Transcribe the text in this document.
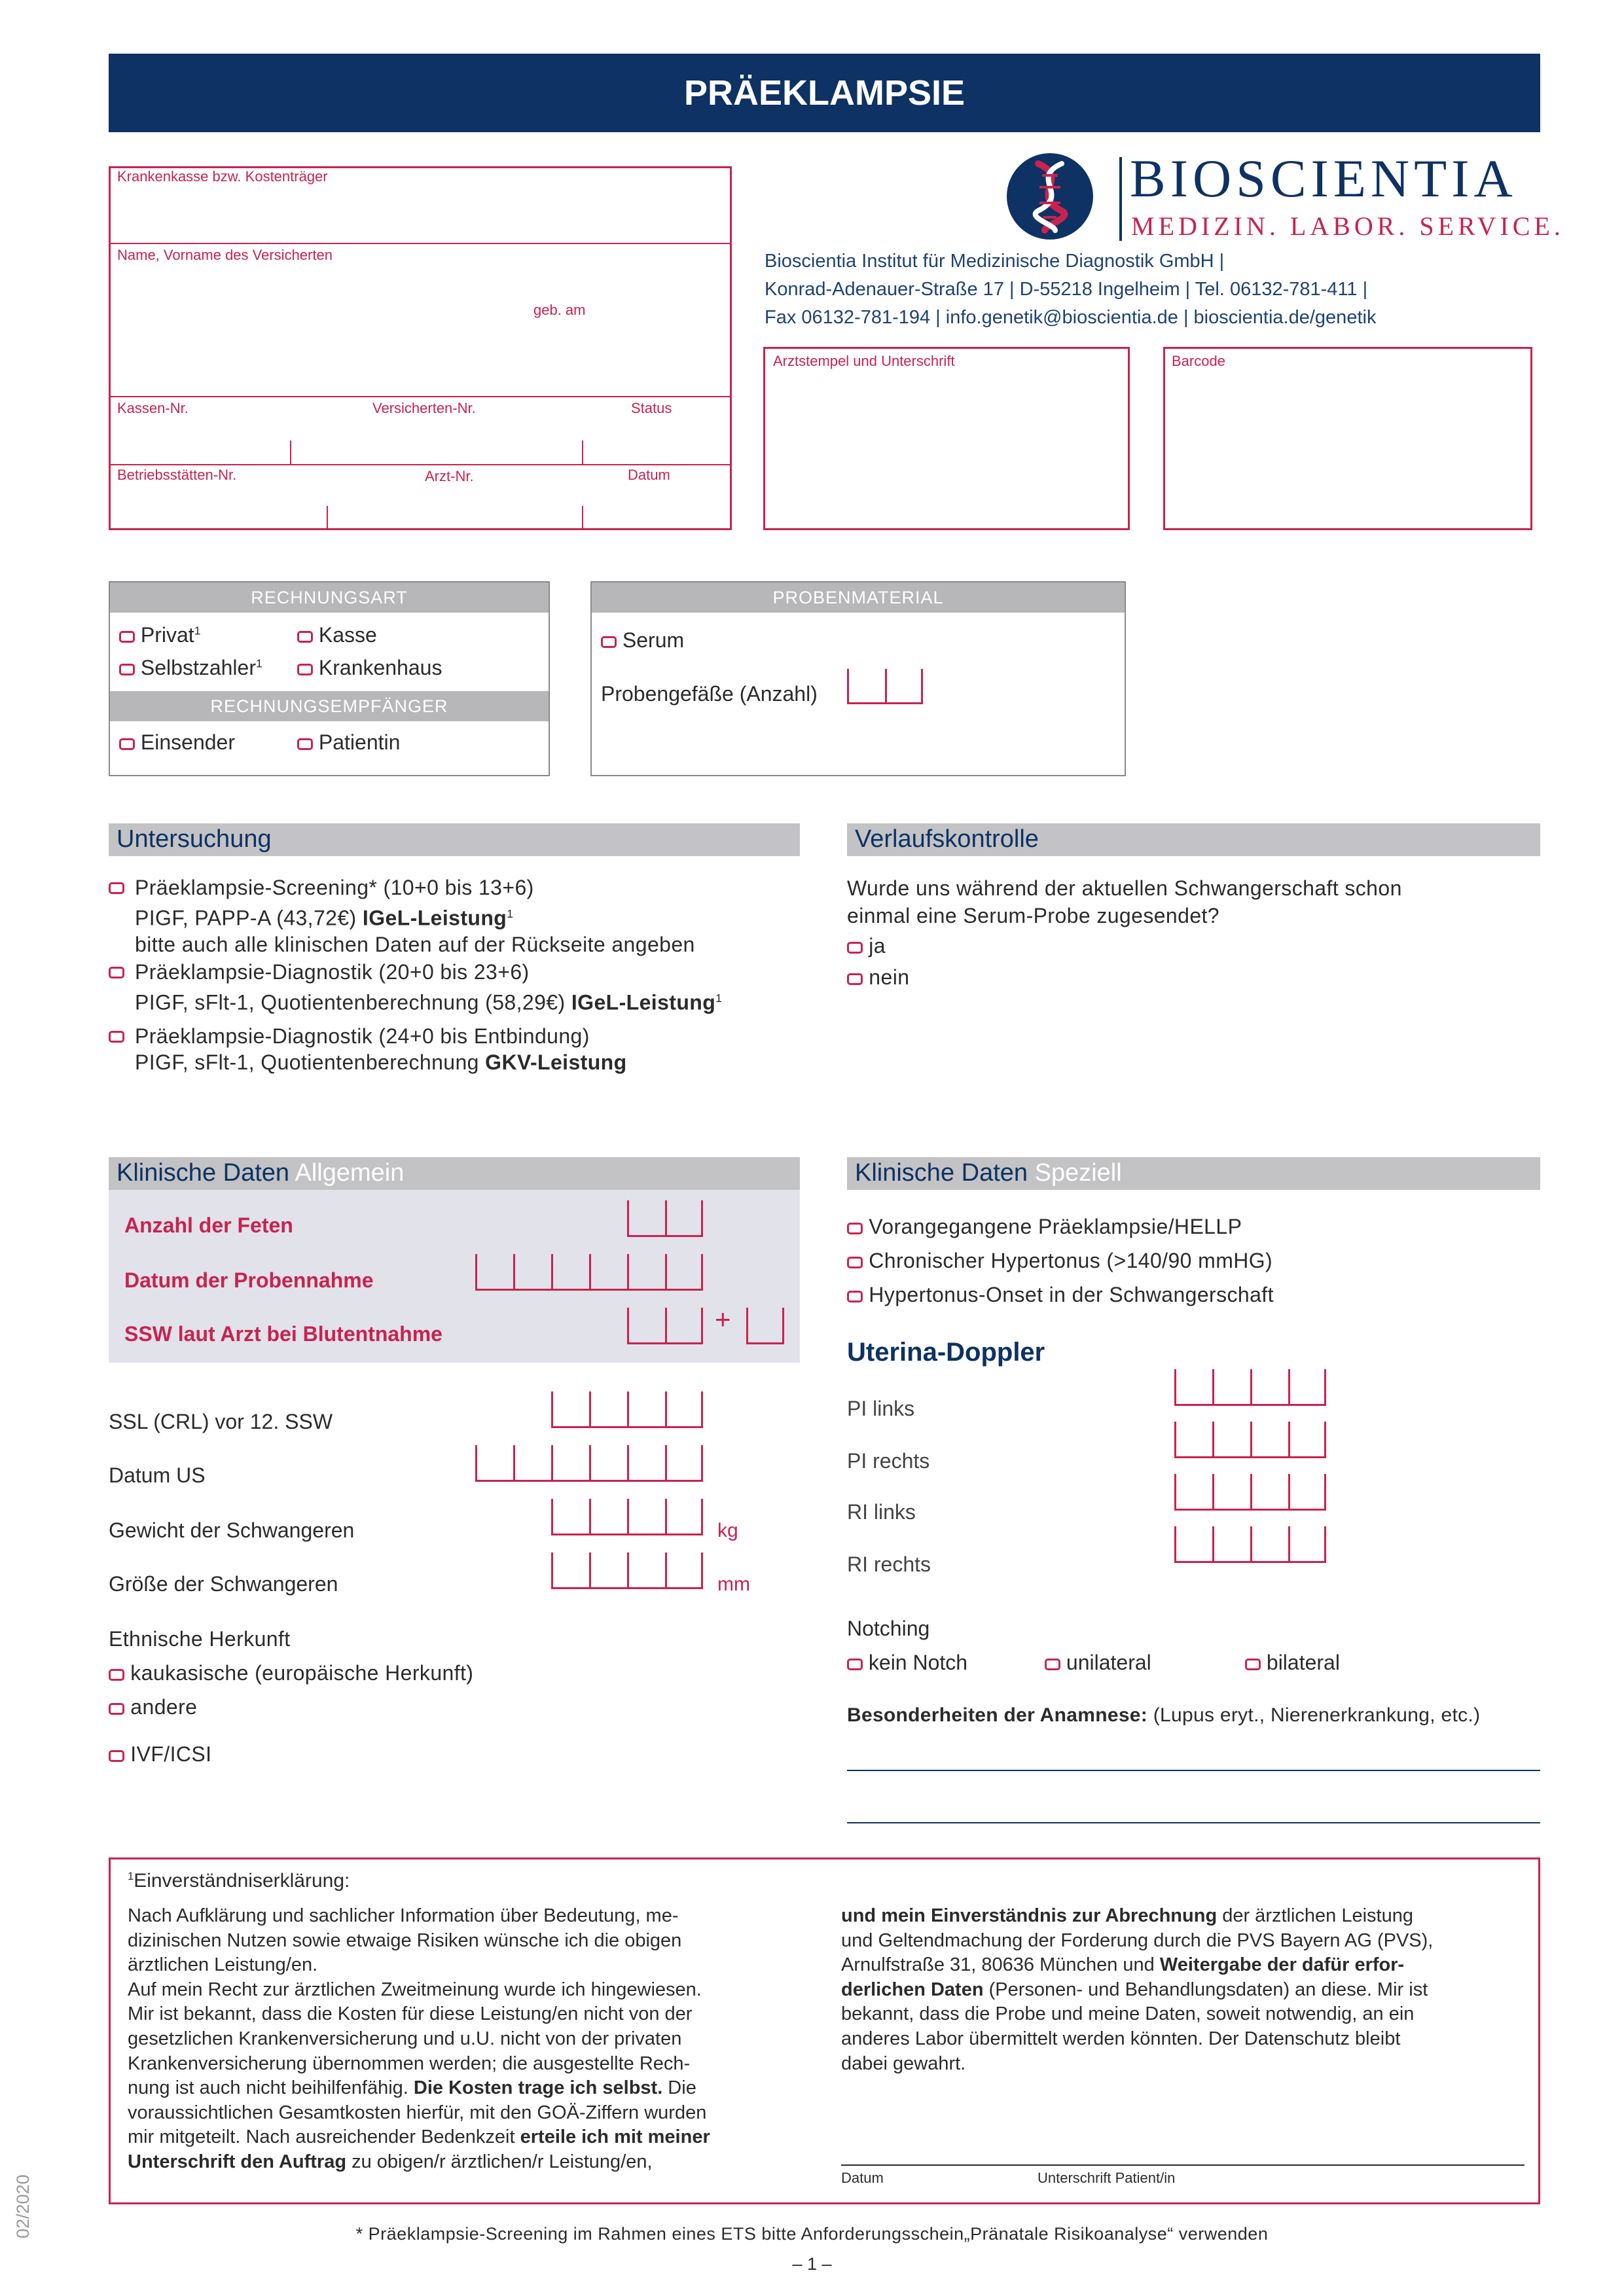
PRÄEKLAMPSIE
Krankenkasse bzw. Kostenträger
Name, Vorname des Versicherten
geb. am
Kassen-Nr.	Versicherten-Nr.	Status
Betriebsstätten-Nr.	Arzt-Nr.	Datum
BIOSCIENTIA
MEDIZIN. LABOR. SERVICE.
Bioscientia Institut für Medizinische Diagnostik GmbH |
Konrad-Adenauer-Straße 17 | D-55218 Ingelheim | Tel. 06132-781-411 |
Fax 06132-781-194 | info.genetik@bioscientia.de | bioscientia.de/genetik
Arztstempel und Unterschrift	Barcode
RECHNUNGSART
Privat$^1$	Kasse
Selbstzahler$^1$	Krankenhaus
RECHNUNGSEMPFÄNGER
Einsender	Patientin
PROBENMATERIAL
Serum
Probengefäße (Anzahl)
Untersuchung
Präeklampsie-Screening* (10+0 bis 13+6)
PIGF, PAPP-A (43,72€) IGeL-Leistung$^1$
bitte auch alle klinischen Daten auf der Rückseite angeben
Präeklampsie-Diagnostik (20+0 bis 23+6)
PIGF, sFlt-1, Quotientenberechnung (58,29€) IGeL-Leistung$^1$
Präeklampsie-Diagnostik (24+0 bis Entbindung)
PIGF, sFlt-1, Quotientenberechnung GKV-Leistung
Verlaufskontrolle
Wurde uns während der aktuellen Schwangerschaft schon
einmal eine Serum-Probe zugesendet?
ja
nein
Klinische Daten Allgemein
Anzahl der Feten
Datum der Probennahme
SSW laut Arzt bei Blutentnahme	+
SSL (CRL) vor 12. SSW
Datum US
Gewicht der Schwangeren	kg
Größe der Schwangeren	mm
Ethnische Herkunft
kaukasische (europäische Herkunft)
andere
IVF/ICSI
Klinische Daten Speziell
Vorangegangene Präeklampsie/HELLP
Chronischer Hypertonus (>140/90 mmHG)
Hypertonus-Onset in der Schwangerschaft
Uterina-Doppler
PI links
PI rechts
RI links
RI rechts
Notching
kein Notch	unilateral	bilateral
Besonderheiten der Anamnese: (Lupus eryt., Nierenerkrankung, etc.)
$^1$Einverständniserklärung:
Nach Aufklärung und sachlicher Information über Bedeutung, me-
dizinischen Nutzen sowie etwaige Risiken wünsche ich die obigen
ärztlichen Leistung/en.
Auf mein Recht zur ärztlichen Zweitmeinung wurde ich hingewiesen.
Mir ist bekannt, dass die Kosten für diese Leistung/en nicht von der
gesetzlichen Krankenversicherung und u.U. nicht von der privaten
Krankenversicherung übernommen werden; die ausgestellte Rech-
nung ist auch nicht beihilfenfähig. Die Kosten trage ich selbst. Die
voraussichtlichen Gesamtkosten hierfür, mit den GOÄ-Ziffern wurden
mir mitgeteilt. Nach ausreichender Bedenkzeit erteile ich mit meiner
Unterschrift den Auftrag zu obigen/r ärztlichen/r Leistung/en,
und mein Einverständnis zur Abrechnung der ärztlichen Leistung
und Geltendmachung der Forderung durch die PVS Bayern AG (PVS),
Arnulfstraße 31, 80636 München und Weitergabe der dafür erfor-
derlichen Daten (Personen- und Behandlungsdaten) an diese. Mir ist
bekannt, dass die Probe und meine Daten, soweit notwendig, an ein
anderes Labor übermittelt werden könnten. Der Datenschutz bleibt
dabei gewahrt.
Datum	Unterschrift Patient/in
* Präeklampsie-Screening im Rahmen eines ETS bitte Anforderungsschein„Pränatale Risikoanalyse“ verwenden
– 1 –
02/2020
